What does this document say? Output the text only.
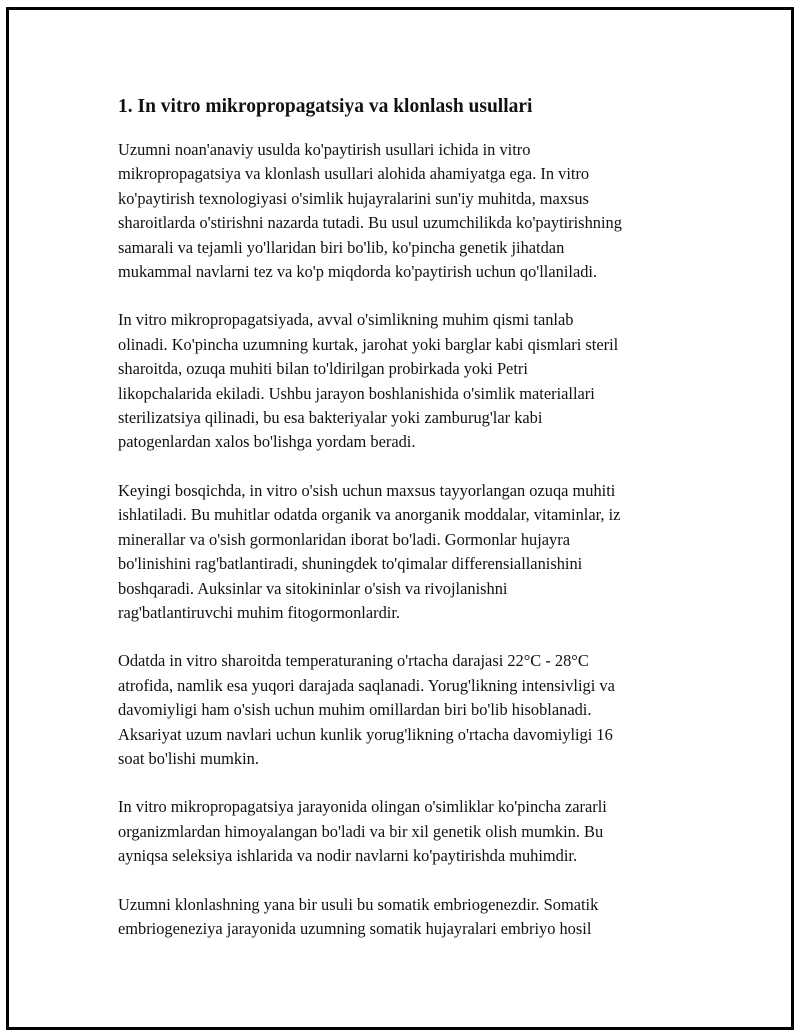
1. In vitro mikropropagatsiya va klonlash usullari

Uzumni noan'anaviy usulda ko'paytirish usullari ichida in vitro
mikropropagatsiya va klonlash usullari alohida ahamiyatga ega. In vitro
ko'paytirish texnologiyasi o'simlik hujayralarini sun'iy muhitda, maxsus
sharoitlarda o'stirishni nazarda tutadi. Bu usul uzumchilikda ko'paytirishning
samarali va tejamli yo'llaridan biri bo'lib, ko'pincha genetik jihatdan
mukammal navlarni tez va ko'p miqdorda ko'paytirish uchun qo'llaniladi.

In vitro mikropropagatsiyada, avval o'simlikning muhim qismi tanlab
olinadi. Ko'pincha uzumning kurtak, jarohat yoki barglar kabi qismlari steril
sharoitda, ozuqa muhiti bilan to'ldirilgan probirkada yoki Petri
likopchalarida ekiladi. Ushbu jarayon boshlanishida o'simlik materiallari
sterilizatsiya qilinadi, bu esa bakteriyalar yoki zamburug'lar kabi
patogenlardan xalos bo'lishga yordam beradi.

Keyingi bosqichda, in vitro o'sish uchun maxsus tayyorlangan ozuqa muhiti
ishlatiladi. Bu muhitlar odatda organik va anorganik moddalar, vitaminlar, iz
minerallar va o'sish gormonlaridan iborat bo'ladi. Gormonlar hujayra
bo'linishini rag'batlantiradi, shuningdek to'qimalar differensiallanishini
boshqaradi. Auksinlar va sitokininlar o'sish va rivojlanishni
rag'batlantiruvchi muhim fitogormonlardir.

Odatda in vitro sharoitda temperaturaning o'rtacha darajasi 22°C - 28°C
atrofida, namlik esa yuqori darajada saqlanadi. Yorug'likning intensivligi va
davomiyligi ham o'sish uchun muhim omillardan biri bo'lib hisoblanadi.
Aksariyat uzum navlari uchun kunlik yorug'likning o'rtacha davomiyligi 16
soat bo'lishi mumkin.

In vitro mikropropagatsiya jarayonida olingan o'simliklar ko'pincha zararli
organizmlardan himoyalangan bo'ladi va bir xil genetik olish mumkin. Bu
ayniqsa seleksiya ishlarida va nodir navlarni ko'paytirishda muhimdir.

Uzumni klonlashning yana bir usuli bu somatik embriogenezdir. Somatik
embriogeneziya jarayonida uzumning somatik hujayralari embriyo hosil
